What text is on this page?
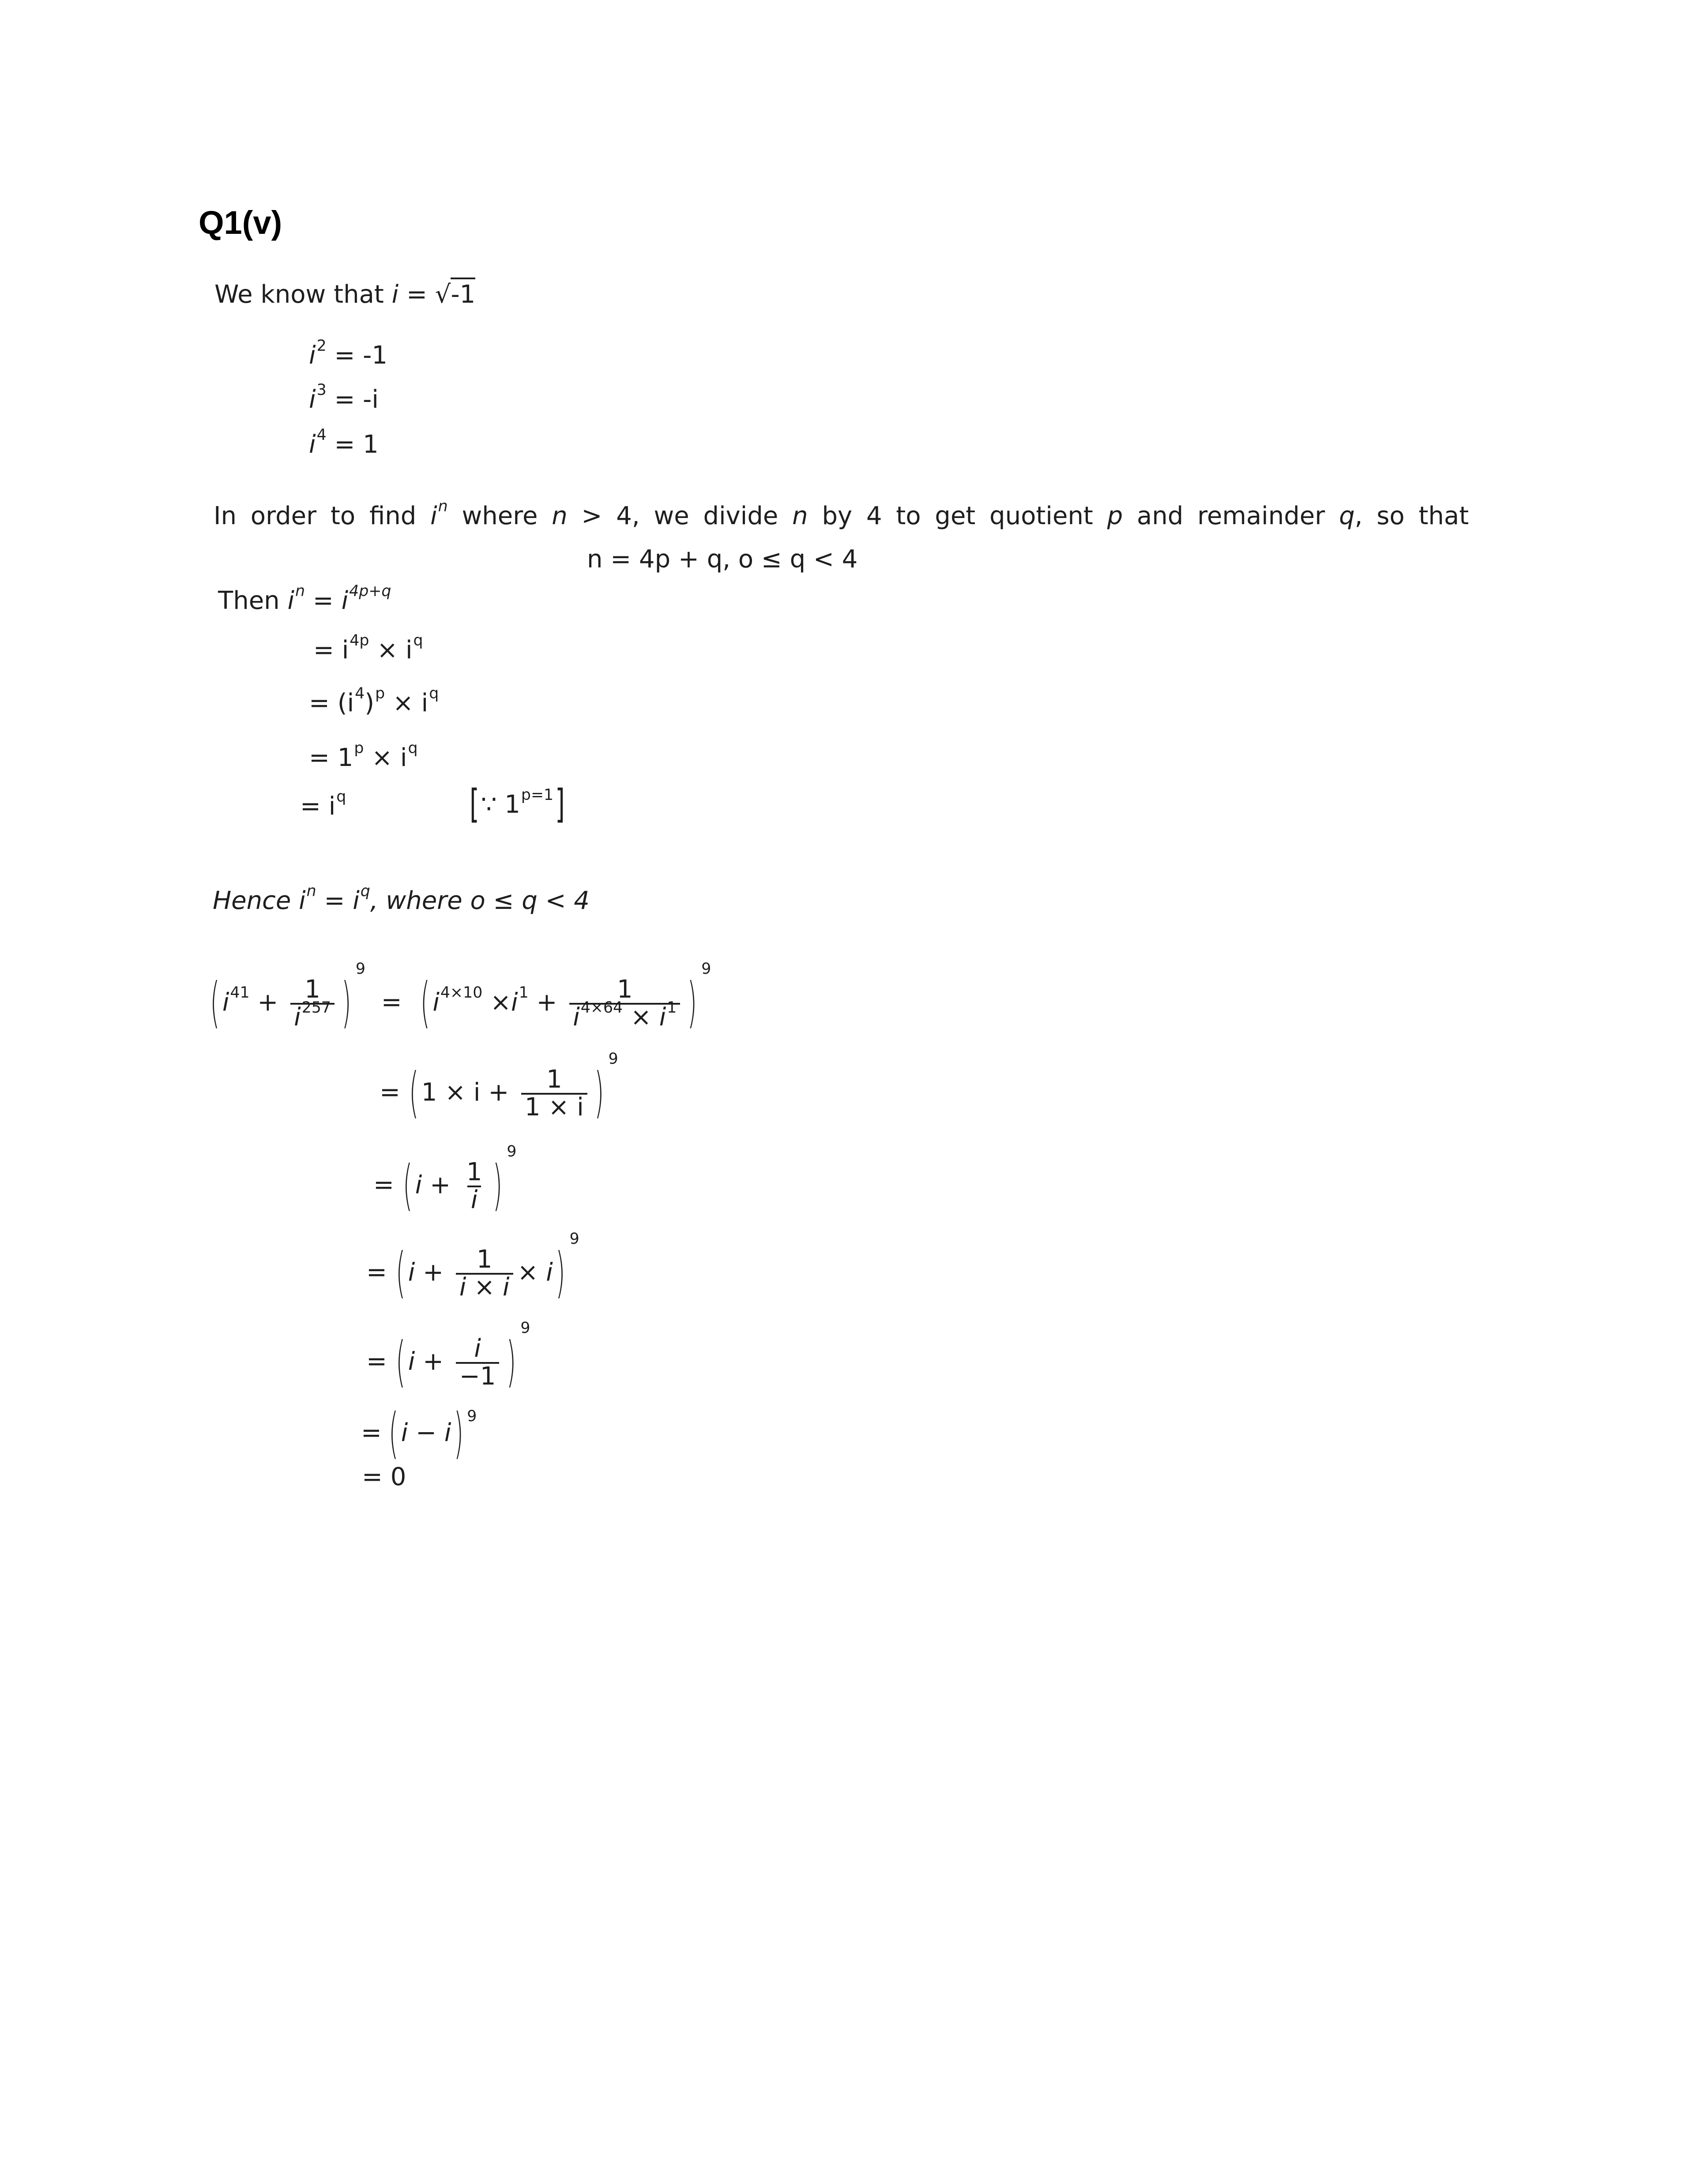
Q1(v)
We know that i = √-1
$i^2 = -1$
$i^3 = -i$
$i^4 = 1$
In order to find $i^n$ where n > 4, we divide n by 4 to get quotient p and remainder q, so that
n = 4p + q, o ≤ q < 4
Then $i^n = i^{4p+q}$
= $i^{4p} \times i^q$
= $(i^4)^p \times i^q$
= $1^p \times i^q$
= $i^q$	[∵ $1^{p=1}$]
Hence $i^n = i^q$, where o ≤ q < 4
( $i^{41} + \frac{1}{i^{257}} )^9$ = ( $i^{4\times 10} \times i^1 + \frac{1}{i^{4\times 64} \times i^1} )^9$
= ( $1 \times i + \frac{1}{1 \times i} )^9$
= ( $i + \frac{1}{i} )^9$
= ( $i + \frac{1}{i \times i} \times i$ )$^9$
= ( $i + \frac{i}{-1} )^9$
= ( i − i ) $^9$
= 0
